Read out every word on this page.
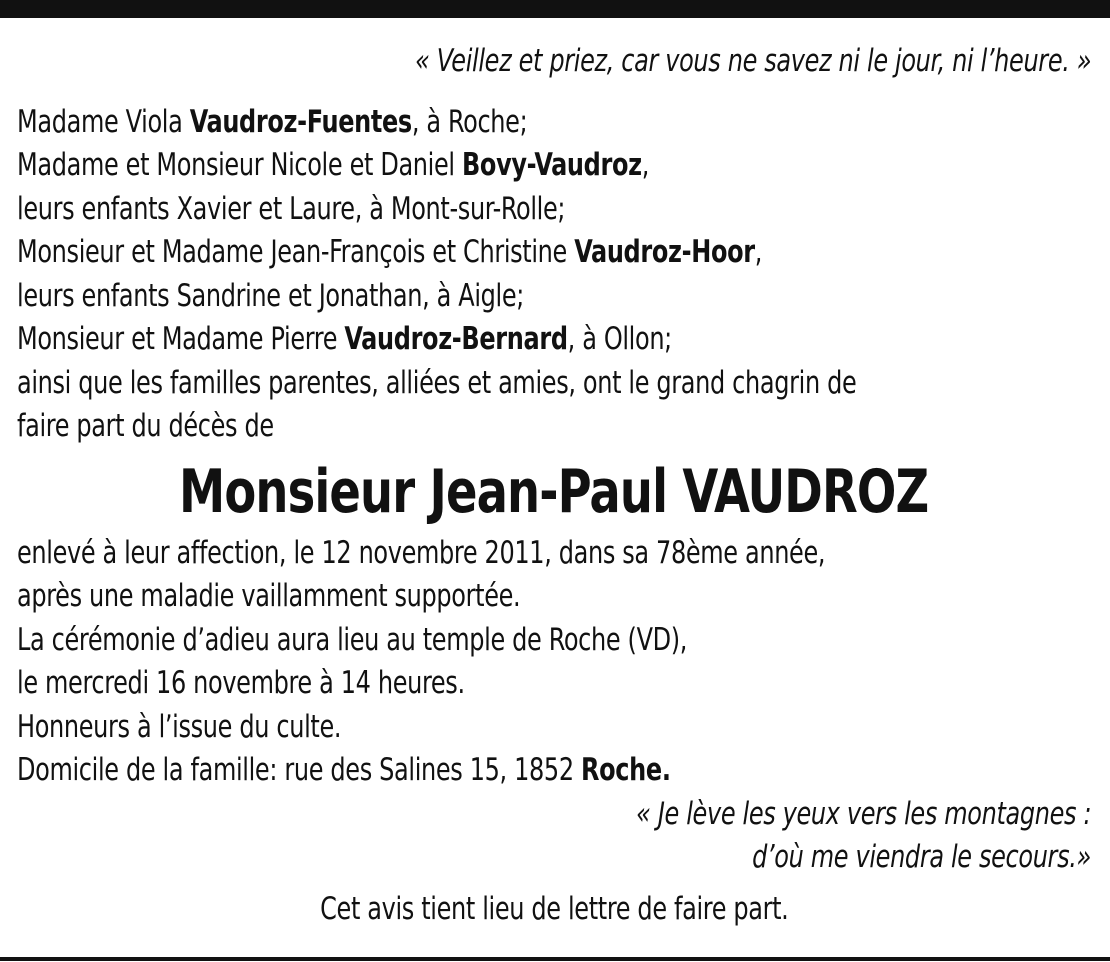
« Veillez et priez, car vous ne savez ni le jour, ni l’heure. »
Madame Viola Vaudroz-Fuentes, à Roche;
Madame et Monsieur Nicole et Daniel Bovy-Vaudroz,
leurs enfants Xavier et Laure, à Mont-sur-Rolle;
Monsieur et Madame Jean-François et Christine Vaudroz-Hoor,
leurs enfants Sandrine et Jonathan, à Aigle;
Monsieur et Madame Pierre Vaudroz-Bernard, à Ollon;
ainsi que les familles parentes, alliées et amies, ont le grand chagrin de
faire part du décès de
Monsieur Jean-Paul VAUDROZ
enlevé à leur affection, le 12 novembre 2011, dans sa 78ème année,
après une maladie vaillamment supportée.
La cérémonie d’adieu aura lieu au temple de Roche (VD),
le mercredi 16 novembre à 14 heures.
Honneurs à l’issue du culte.
Domicile de la famille: rue des Salines 15, 1852 Roche.
« Je lève les yeux vers les montagnes :
d’où me viendra le secours.»
Cet avis tient lieu de lettre de faire part.
